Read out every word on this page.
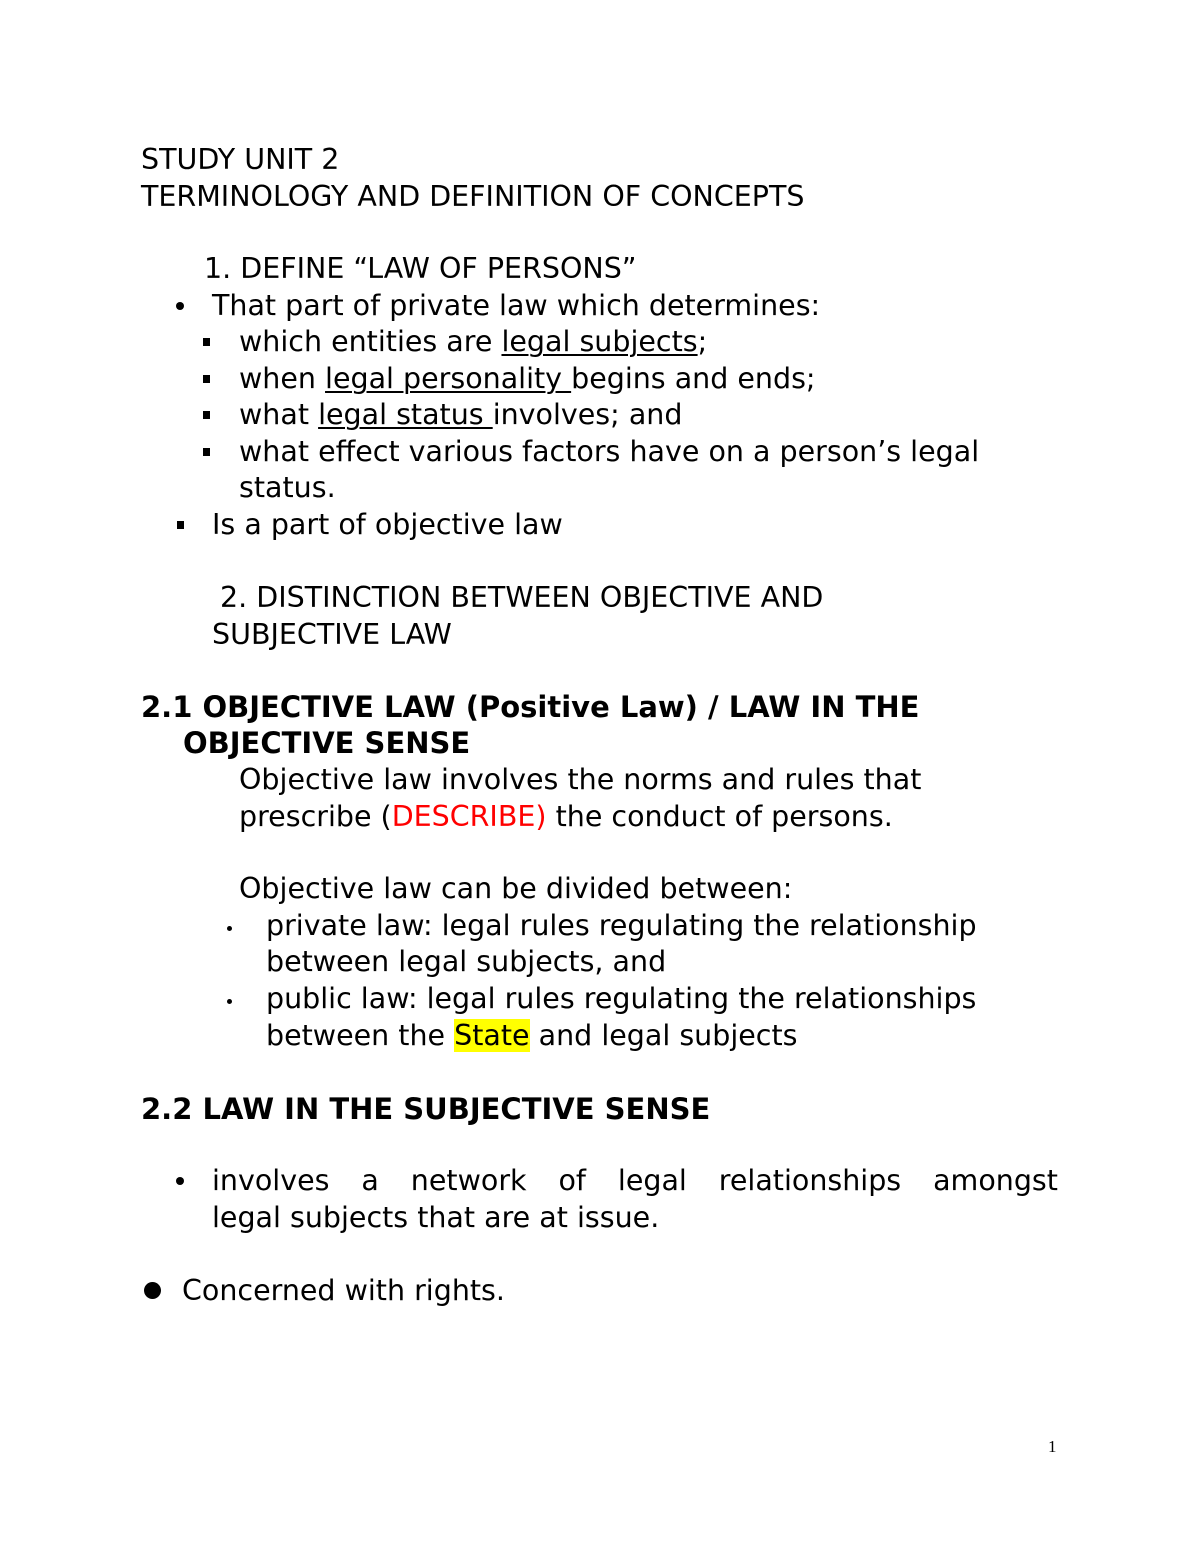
STUDY UNIT 2
TERMINOLOGY AND DEFINITION OF CONCEPTS
1. DEFINE “LAW OF PERSONS”
That part of private law which determines:
which entities are legal subjects;
when legal personality begins and ends;
what legal status involves; and
what effect various factors have on a person’s legal
status.
Is a part of objective law
2. DISTINCTION BETWEEN OBJECTIVE AND
SUBJECTIVE LAW
2.1 OBJECTIVE LAW (Positive Law) / LAW IN THE
OBJECTIVE SENSE
Objective law involves the norms and rules that
prescribe (DESCRIBE) the conduct of persons.
Objective law can be divided between:
private law: legal rules regulating the relationship
between legal subjects, and
public law: legal rules regulating the relationships
between the State and legal subjects
2.2 LAW IN THE SUBJECTIVE SENSE
involves a network of legal relationships amongst
legal subjects that are at issue.
Concerned with rights.
1
